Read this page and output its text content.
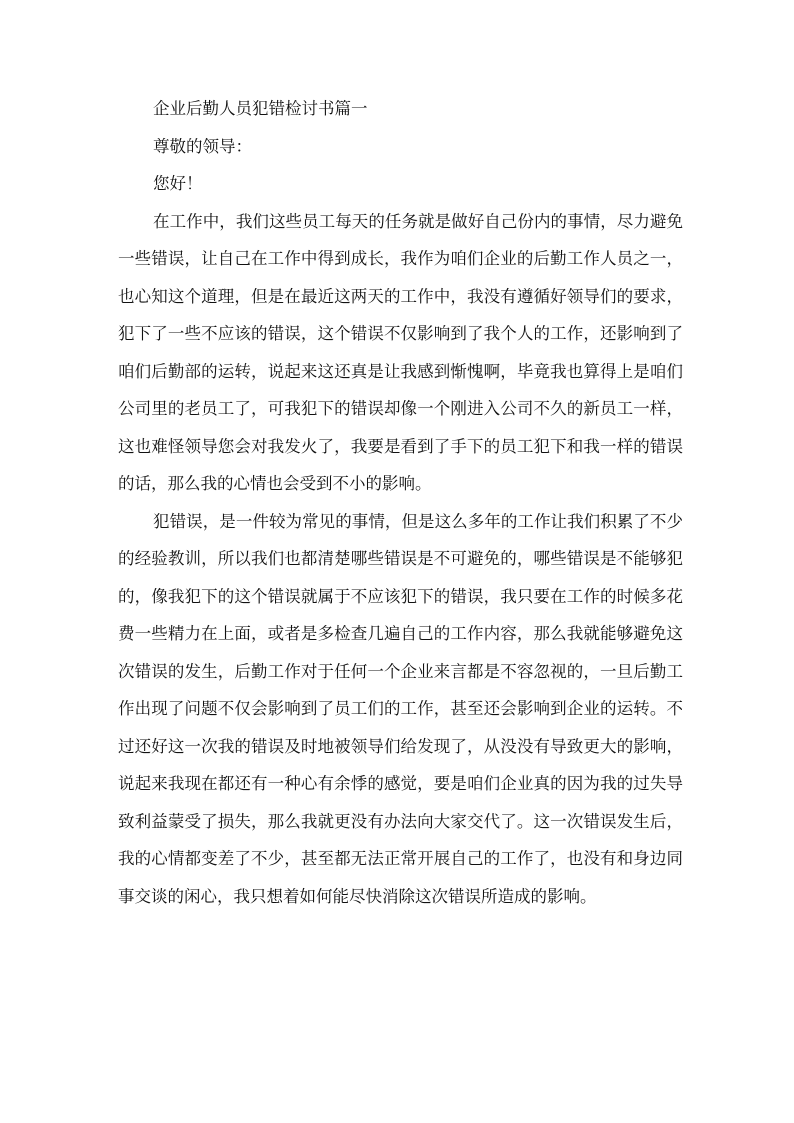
企业后勤人员犯错检讨书篇一

尊敬的领导：

您好！

在工作中，我们这些员工每天的任务就是做好自己份内的事情，尽力避免一些错误，让自己在工作中得到成长，我作为咱们企业的后勤工作人员之一，也心知这个道理，但是在最近这两天的工作中，我没有遵循好领导们的要求，犯下了一些不应该的错误，这个错误不仅影响到了我个人的工作，还影响到了咱们后勤部的运转，说起来这还真是让我感到惭愧啊，毕竟我也算得上是咱们公司里的老员工了，可我犯下的错误却像一个刚进入公司不久的新员工一样，这也难怪领导您会对我发火了，我要是看到了手下的员工犯下和我一样的错误的话，那么我的心情也会受到不小的影响。

犯错误，是一件较为常见的事情，但是这么多年的工作让我们积累了不少的经验教训，所以我们也都清楚哪些错误是不可避免的，哪些错误是不能够犯的，像我犯下的这个错误就属于不应该犯下的错误，我只要在工作的时候多花费一些精力在上面，或者是多检查几遍自己的工作内容，那么我就能够避免这次错误的发生，后勤工作对于任何一个企业来言都是不容忽视的，一旦后勤工作出现了问题不仅会影响到了员工们的工作，甚至还会影响到企业的运转。不过还好这一次我的错误及时地被领导们给发现了，从没没有导致更大的影响，说起来我现在都还有一种心有余悸的感觉，要是咱们企业真的因为我的过失导致利益蒙受了损失，那么我就更没有办法向大家交代了。这一次错误发生后，我的心情都变差了不少，甚至都无法正常开展自己的工作了，也没有和身边同事交谈的闲心，我只想着如何能尽快消除这次错误所造成的影响。
